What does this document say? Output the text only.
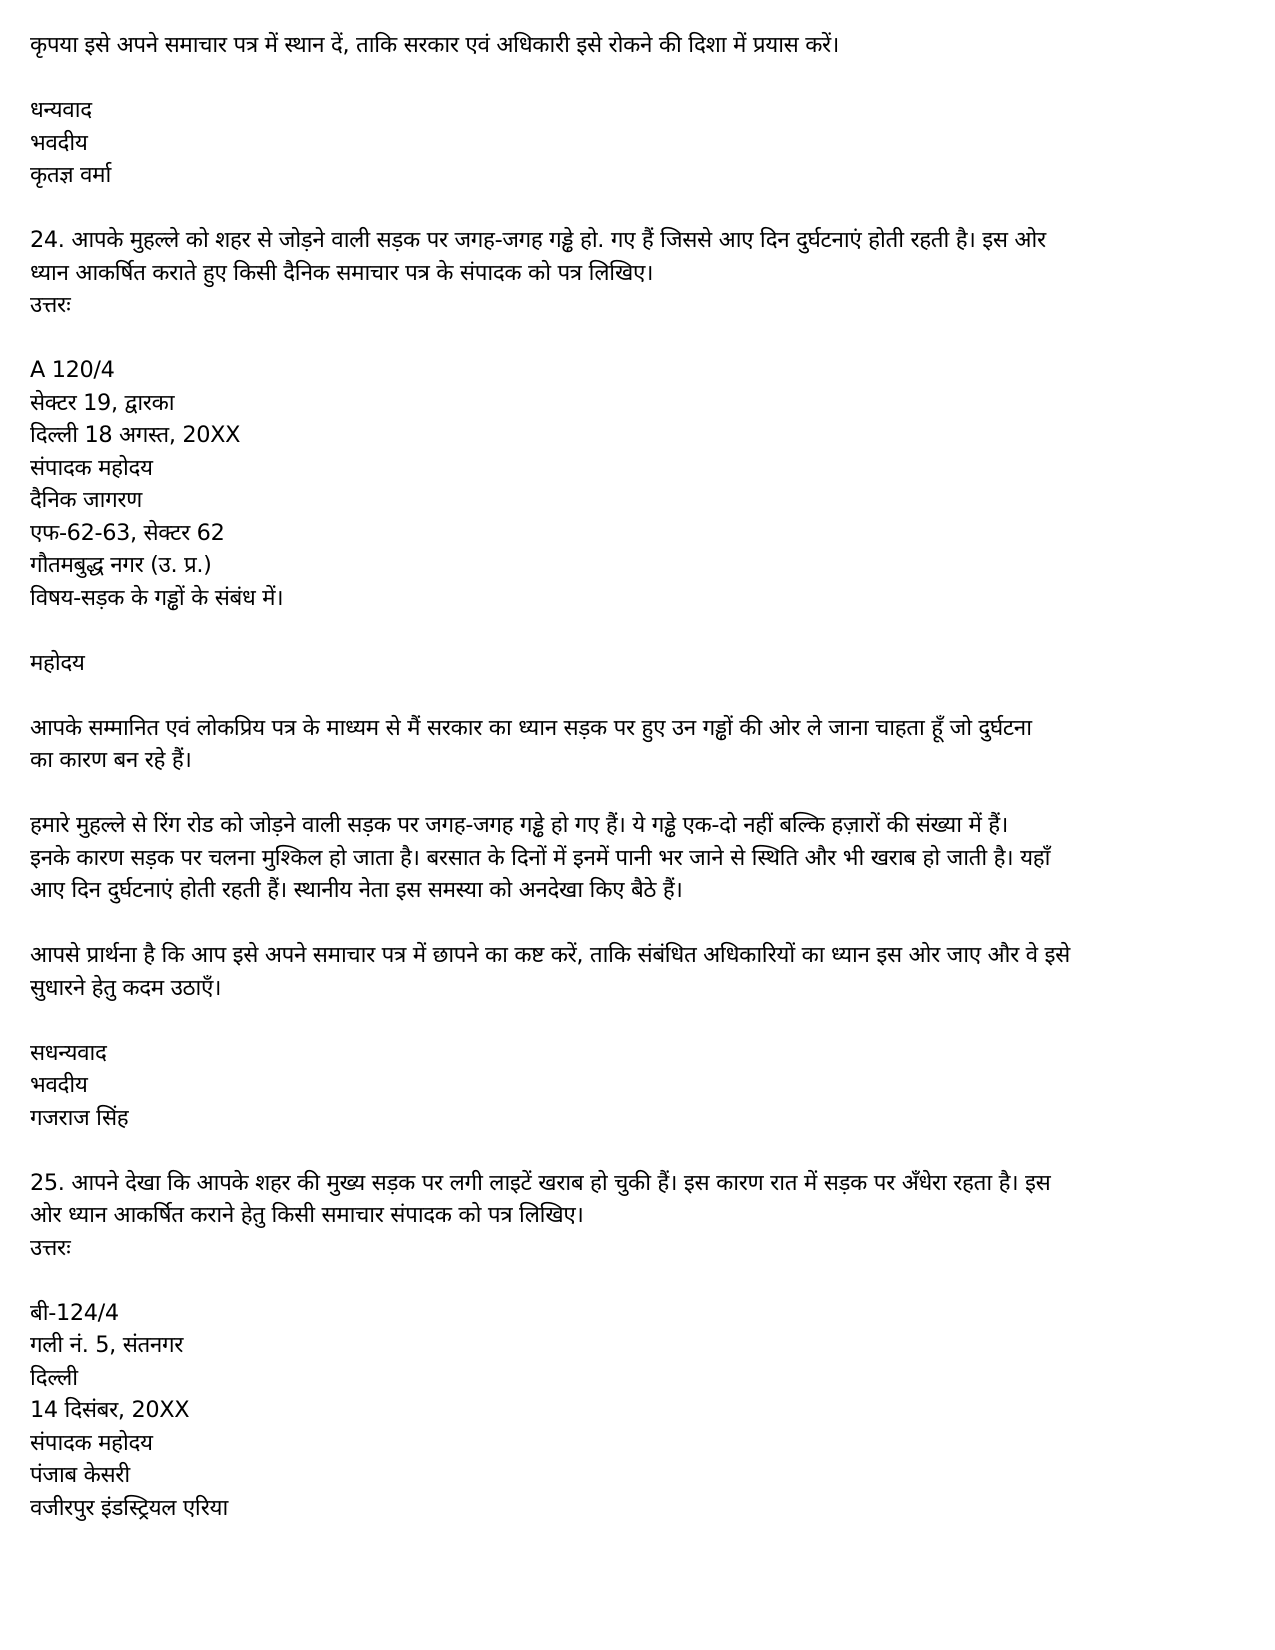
कृपया इसे अपने समाचार पत्र में स्थान दें, ताकि सरकार एवं अधिकारी इसे रोकने की दिशा में प्रयास करें।
धन्यवाद
भवदीय
कृतज्ञ वर्मा
24. आपके मुहल्ले को शहर से जोड़ने वाली सड़क पर जगह-जगह गड्ढे हो. गए हैं जिससे आए दिन दुर्घटनाएं होती रहती है। इस ओर
ध्यान आकर्षित कराते हुए किसी दैनिक समाचार पत्र के संपादक को पत्र लिखिए।
उत्तरः
A 120/4
सेक्टर 19, द्वारका
दिल्ली 18 अगस्त, 20XX
संपादक महोदय
दैनिक जागरण
एफ-62-63, सेक्टर 62
गौतमबुद्ध नगर (उ. प्र.)
विषय-सड़क के गड्ढों के संबंध में।
महोदय
आपके सम्मानित एवं लोकप्रिय पत्र के माध्यम से मैं सरकार का ध्यान सड़क पर हुए उन गड्ढों की ओर ले जाना चाहता हूँ जो दुर्घटना
का कारण बन रहे हैं।
हमारे मुहल्ले से रिंग रोड को जोड़ने वाली सड़क पर जगह-जगह गड्ढे हो गए हैं। ये गड्ढे एक-दो नहीं बल्कि हज़ारों की संख्या में हैं।
इनके कारण सड़क पर चलना मुश्किल हो जाता है। बरसात के दिनों में इनमें पानी भर जाने से स्थिति और भी खराब हो जाती है। यहाँ
आए दिन दुर्घटनाएं होती रहती हैं। स्थानीय नेता इस समस्या को अनदेखा किए बैठे हैं।
आपसे प्रार्थना है कि आप इसे अपने समाचार पत्र में छापने का कष्ट करें, ताकि संबंधित अधिकारियों का ध्यान इस ओर जाए और वे इसे
सुधारने हेतु कदम उठाएँ।
सधन्यवाद
भवदीय
गजराज सिंह
25. आपने देखा कि आपके शहर की मुख्य सड़क पर लगी लाइटें खराब हो चुकी हैं। इस कारण रात में सड़क पर अँधेरा रहता है। इस
ओर ध्यान आकर्षित कराने हेतु किसी समाचार संपादक को पत्र लिखिए।
उत्तरः
बी-124/4
गली नं. 5, संतनगर
दिल्ली
14 दिसंबर, 20XX
संपादक महोदय
पंजाब केसरी
वजीरपुर इंडस्ट्रियल एरिया
